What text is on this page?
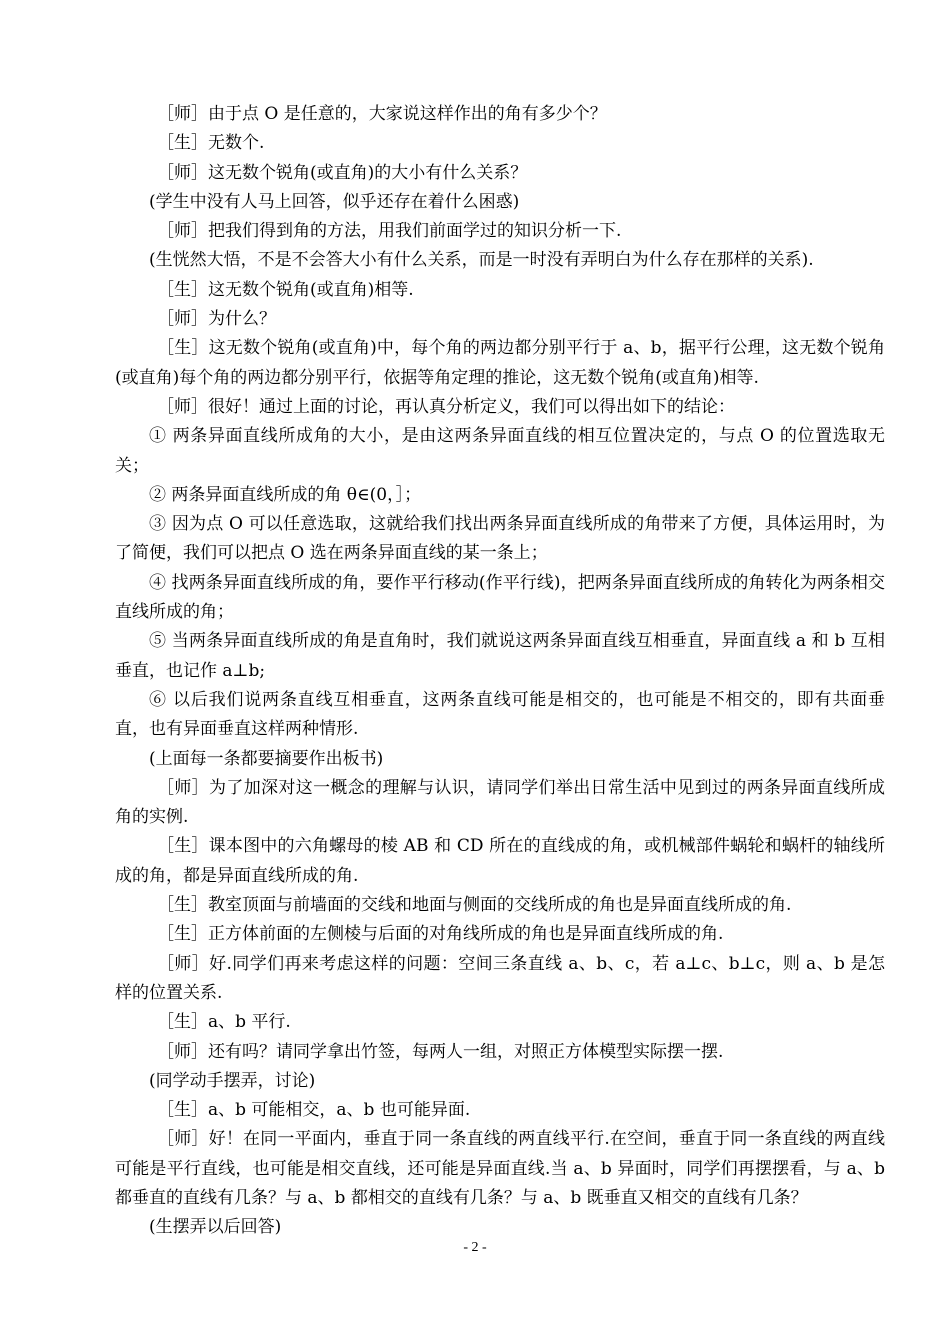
［师］由于点 O 是任意的，大家说这样作出的角有多少个？

［生］无数个.

［师］这无数个锐角(或直角)的大小有什么关系？

(学生中没有人马上回答，似乎还存在着什么困惑)

［师］把我们得到角的方法，用我们前面学过的知识分析一下.

(生恍然大悟，不是不会答大小有什么关系，而是一时没有弄明白为什么存在那样的关系).

［生］这无数个锐角(或直角)相等.

［师］为什么？

［生］这无数个锐角(或直角)中，每个角的两边都分别平行于 a、b，据平行公理，这无数个锐角(或直角)每个角的两边都分别平行，依据等角定理的推论，这无数个锐角(或直角)相等.

［师］很好！通过上面的讨论，再认真分析定义，我们可以得出如下的结论：

① 两条异面直线所成角的大小，是由这两条异面直线的相互位置决定的，与点 O 的位置选取无关；

② 两条异面直线所成的角 θ∈(0，］；

③ 因为点 O 可以任意选取，这就给我们找出两条异面直线所成的角带来了方便，具体运用时，为了简便，我们可以把点 O 选在两条异面直线的某一条上；

④ 找两条异面直线所成的角，要作平行移动(作平行线)，把两条异面直线所成的角转化为两条相交直线所成的角；

⑤ 当两条异面直线所成的角是直角时，我们就说这两条异面直线互相垂直，异面直线 a 和 b 互相垂直，也记作 a⊥b;

⑥ 以后我们说两条直线互相垂直，这两条直线可能是相交的，也可能是不相交的，即有共面垂直，也有异面垂直这样两种情形.

(上面每一条都要摘要作出板书)

［师］为了加深对这一概念的理解与认识，请同学们举出日常生活中见到过的两条异面直线所成角的实例.

［生］课本图中的六角螺母的棱 AB 和 CD 所在的直线成的角，或机械部件蜗轮和蜗杆的轴线所成的角，都是异面直线所成的角.

［生］教室顶面与前墙面的交线和地面与侧面的交线所成的角也是异面直线所成的角.

［生］正方体前面的左侧棱与后面的对角线所成的角也是异面直线所成的角.

［师］好.同学们再来考虑这样的问题：空间三条直线 a、b、c，若 a⊥c、b⊥c，则 a、b 是怎样的位置关系.

［生］a、b 平行.

［师］还有吗？请同学拿出竹签，每两人一组，对照正方体模型实际摆一摆.

(同学动手摆弄，讨论)

［生］a、b 可能相交，a、b 也可能异面.

［师］好！在同一平面内，垂直于同一条直线的两直线平行.在空间，垂直于同一条直线的两直线可能是平行直线，也可能是相交直线，还可能是异面直线.当 a、b 异面时，同学们再摆摆看，与 a、b 都垂直的直线有几条？与 a、b 都相交的直线有几条？与 a、b 既垂直又相交的直线有几条？

(生摆弄以后回答)

- 2 -
